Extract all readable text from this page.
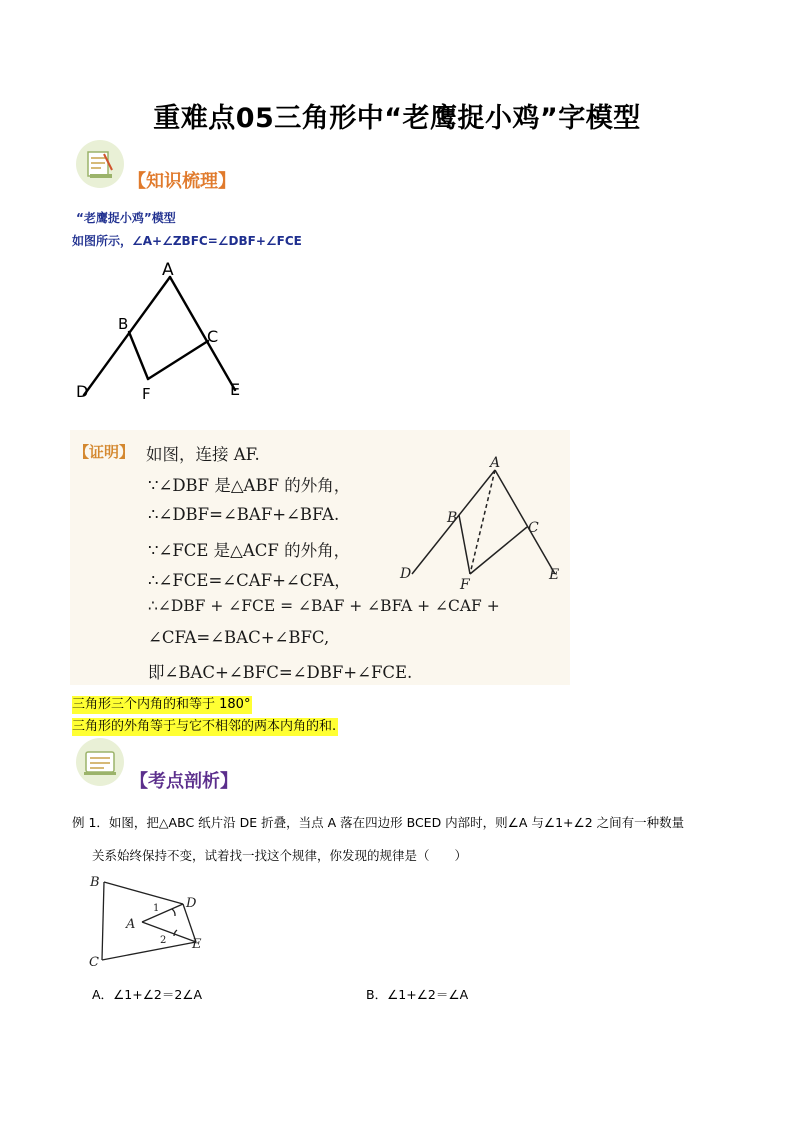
重难点05三角形中“老鹰捉小鸡”字模型
【知识梳理】
“老鹰捉小鸡”模型
如图所示，∠A+∠ZBFC=∠DBF+∠FCE
A
B
C
D	E
F
【证明】 如图，连接 AF.
∵∠DBF 是△ABF 的外角，
∴∠DBF=∠BAF+∠BFA.
∵∠FCE 是△ACF 的外角，
∴∠FCE=∠CAF+∠CFA，
∴∠DBF + ∠FCE = ∠BAF + ∠BFA + ∠CAF +
∠CFA=∠BAC+∠BFC,
即∠BAC+∠BFC=∠DBF+∠FCE.
A
B
C
D	E
F
三角形三个内角的和等于 180°
三角形的外角等于与它不相邻的两本内角的和.
【考点剖析】
例 1．如图，把△ABC 纸片沿 DE 折叠，当点 A 落在四边形 BCED 内部时，则∠A 与∠1+∠2 之间有一种数量
关系始终保持不变，试着找一找这个规律，你发现的规律是（　　）
B
C
D
E
A
1
2
A．∠1+∠2＝2∠A	B．∠1+∠2＝∠A
